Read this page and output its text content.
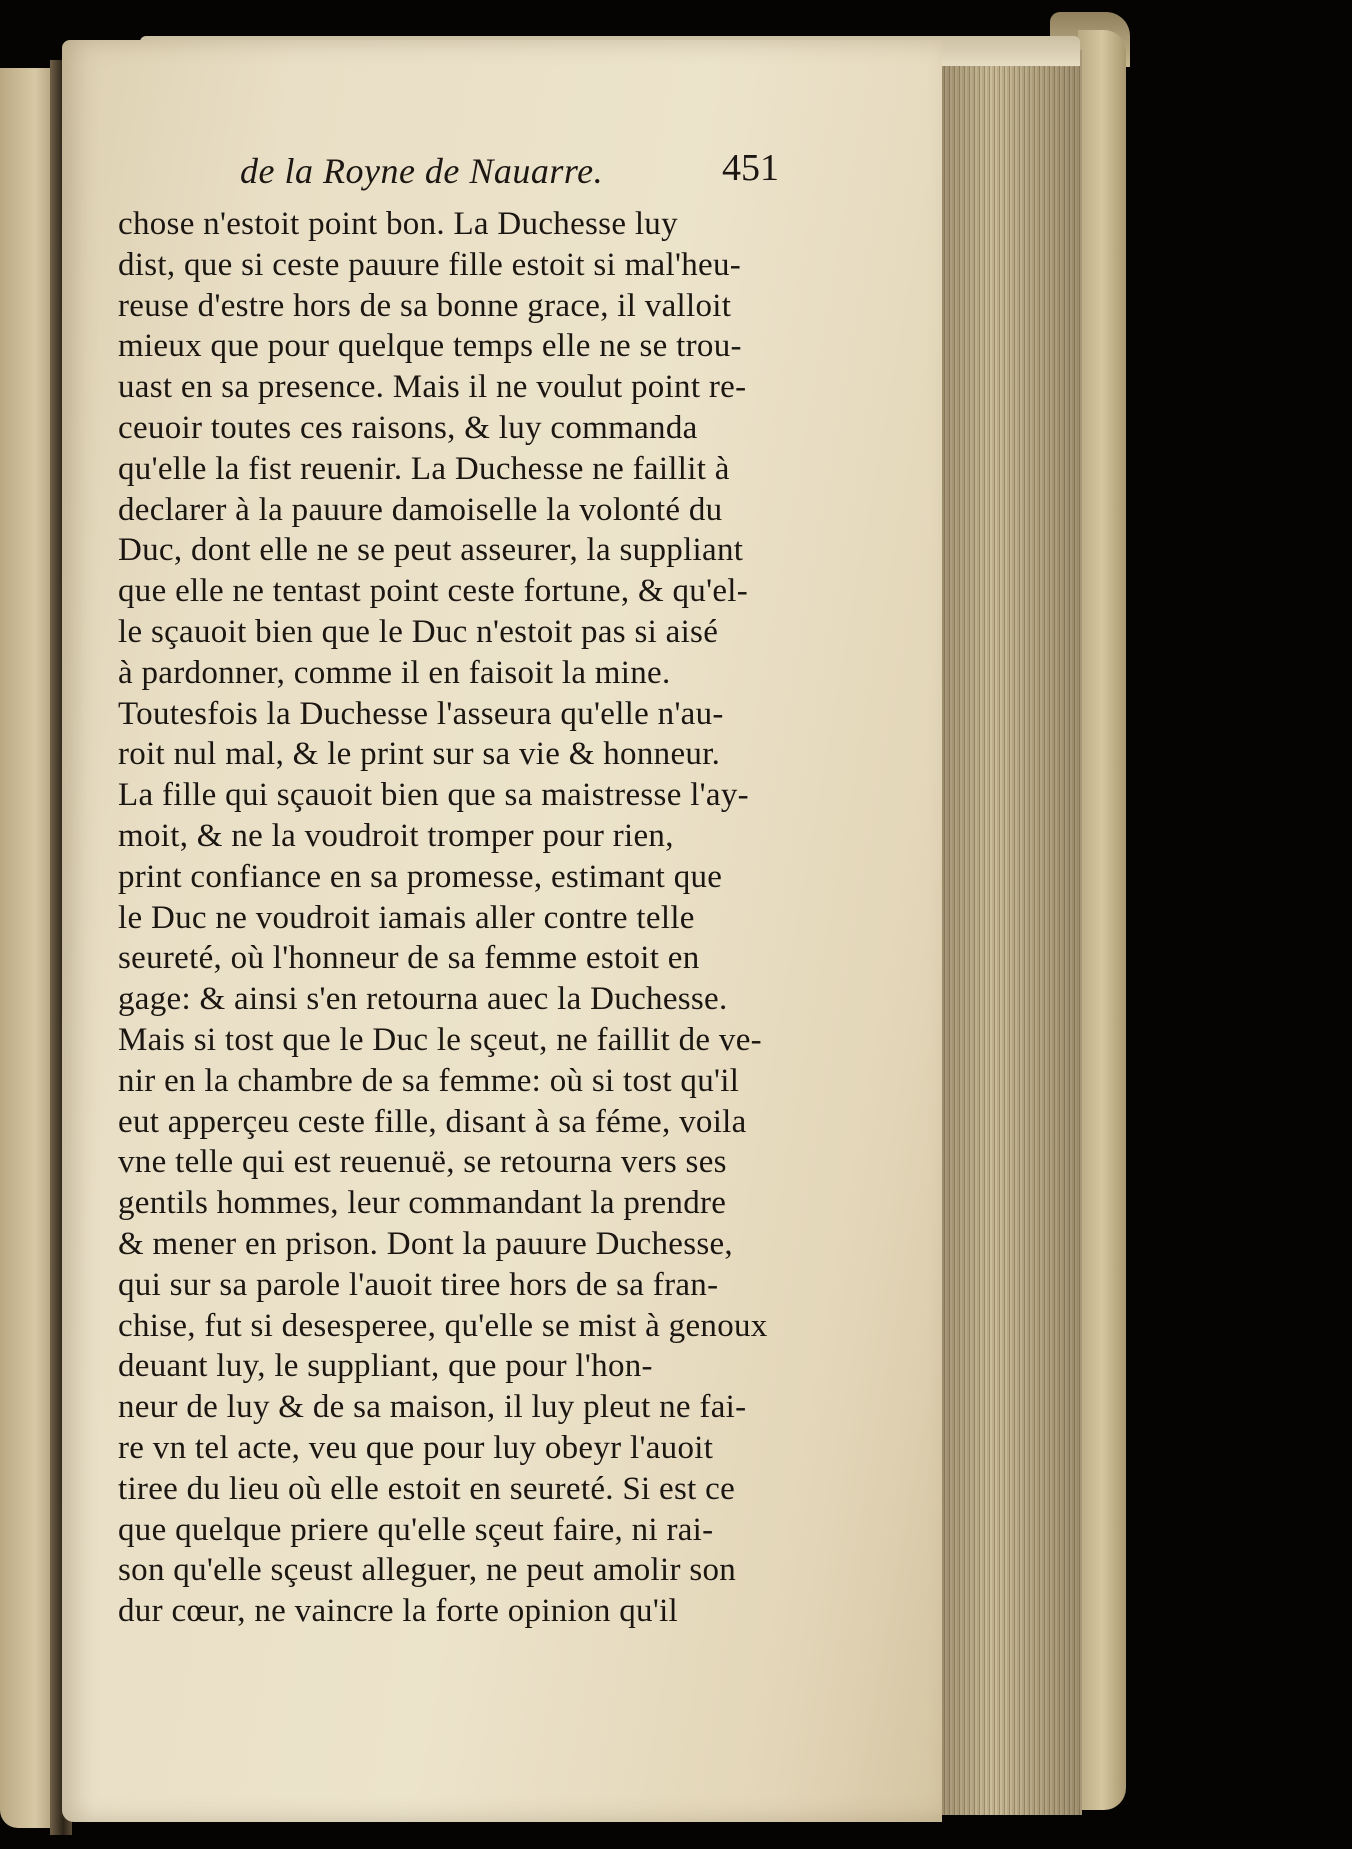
de la Royne de Nauarre.	451
chose n'estoit point bon. La Duchesse luy
dist, que si ceste pauure fille estoit si mal'heu-
reuse d'estre hors de sa bonne grace, il valloit
mieux que pour quelque temps elle ne se trou-
uast en sa presence. Mais il ne voulut point re-
ceuoir toutes ces raisons, & luy commanda
qu'elle la fist reuenir. La Duchesse ne faillit à
declarer à la pauure damoiselle la volonté du
Duc, dont elle ne se peut asseurer, la suppliant
que elle ne tentast point ceste fortune, & qu'el-
le sçauoit bien que le Duc n'estoit pas si aisé
à pardonner, comme il en faisoit la mine.
Toutesfois la Duchesse l'asseura qu'elle n'au-
roit nul mal, & le print sur sa vie & honneur.
La fille qui sçauoit bien que sa maistresse l'ay-
moit, & ne la voudroit tromper pour rien,
print confiance en sa promesse, estimant que
le Duc ne voudroit iamais aller contre telle
seureté, où l'honneur de sa femme estoit en
gage: & ainsi s'en retourna auec la Duchesse.
Mais si tost que le Duc le sçeut, ne faillit de ve-
nir en la chambre de sa femme: où si tost qu'il
eut apperçeu ceste fille, disant à sa féme, voila
vne telle qui est reuenuë, se retourna vers ses
gentils hommes, leur commandant la prendre
& mener en prison. Dont la pauure Duchesse,
qui sur sa parole l'auoit tiree hors de sa fran-
chise, fut si desesperee, qu'elle se mist à genoux
deuant luy, le suppliant, que pour l'hon-
neur de luy & de sa maison, il luy pleut ne fai-
re vn tel acte, veu que pour luy obeyr l'auoit
tiree du lieu où elle estoit en seureté. Si est ce
que quelque priere qu'elle sçeut faire, ni rai-
son qu'elle sçeust alleguer, ne peut amolir son
dur cœur, ne vaincre la forte opinion qu'il
